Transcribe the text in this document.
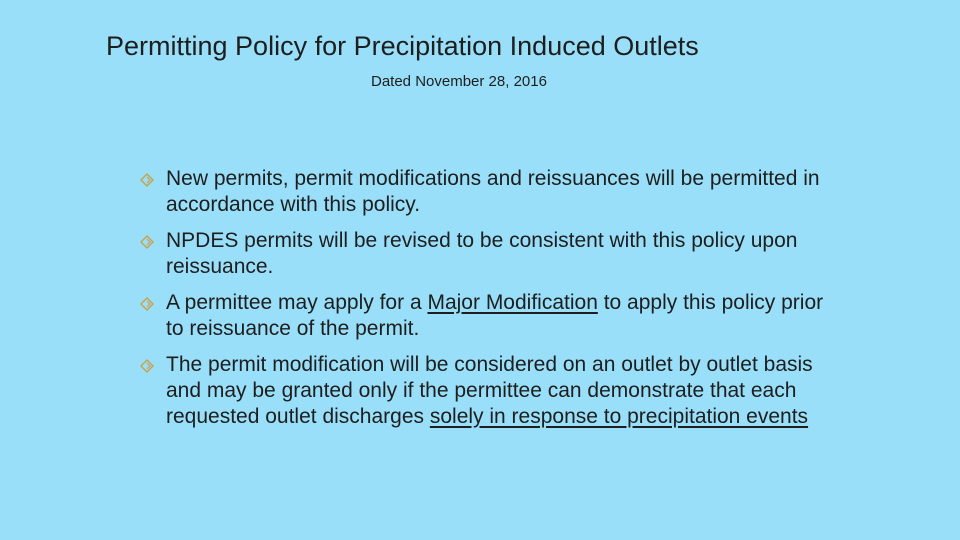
Permitting Policy for Precipitation Induced Outlets
Dated November 28, 2016
New permits, permit modifications and reissuances will be permitted in accordance with this policy.
NPDES permits will be revised to be consistent with this policy upon reissuance.
A permittee may apply for a Major Modification to apply this policy prior to reissuance of the permit.
The permit modification will be considered on an outlet by outlet basis and may be granted only if the permittee can demonstrate that each requested outlet discharges solely in response to precipitation events
